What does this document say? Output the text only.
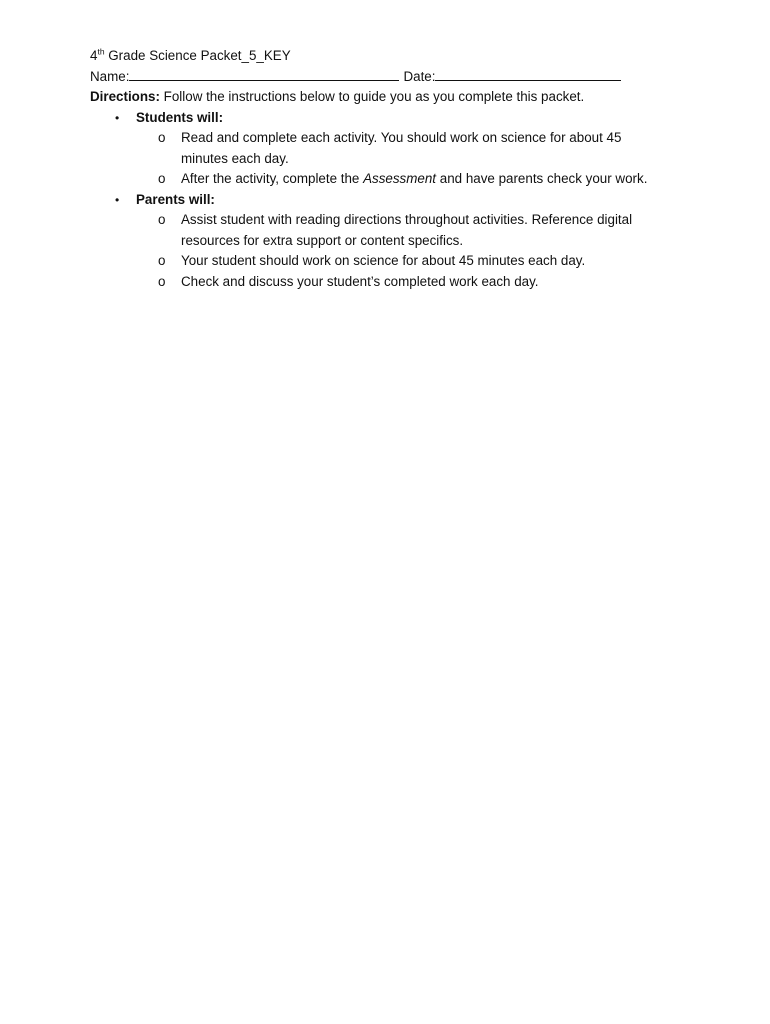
4th Grade Science Packet_5_KEY
Name:	Date:
Directions: Follow the instructions below to guide you as you complete this packet.
• Students will:
o Read and complete each activity. You should work on science for about 45 minutes each day.
o After the activity, complete the Assessment and have parents check your work.
• Parents will:
o Assist student with reading directions throughout activities. Reference digital resources for extra support or content specifics.
o Your student should work on science for about 45 minutes each day.
o Check and discuss your student’s completed work each day.
